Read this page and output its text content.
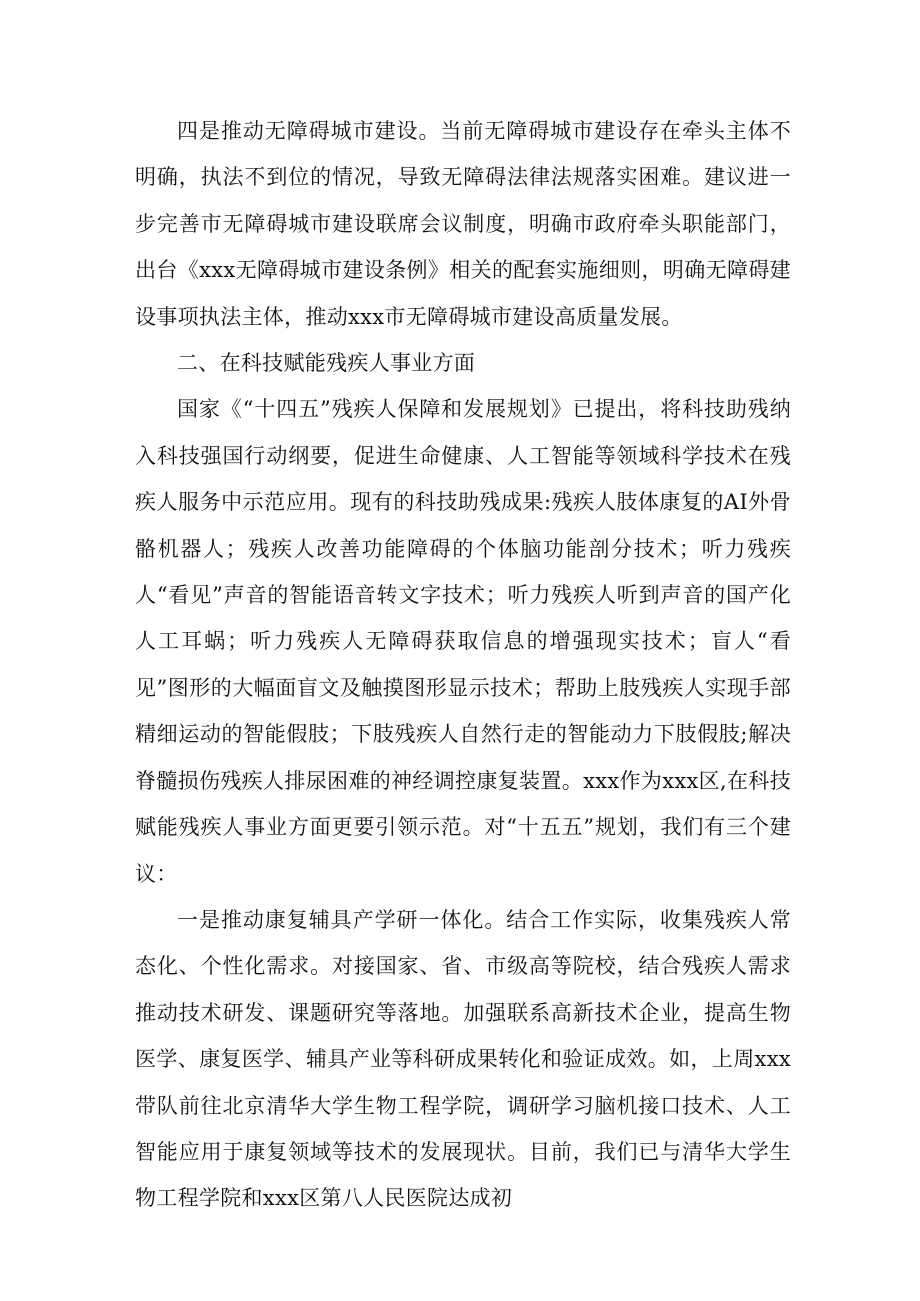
四是推动无障碍城市建设。当前无障碍城市建设存在牵头主体不明确，执法不到位的情况，导致无障碍法律法规落实困难。建议进一步完善市无障碍城市建设联席会议制度，明确市政府牵头职能部门，出台《xxx无障碍城市建设条例》相关的配套实施细则，明确无障碍建设事项执法主体，推动xxx市无障碍城市建设高质量发展。

二、在科技赋能残疾人事业方面

国家《“十四五”残疾人保障和发展规划》已提出，将科技助残纳入科技强国行动纲要，促进生命健康、人工智能等领域科学技术在残疾人服务中示范应用。现有的科技助残成果:残疾人肢体康复的AI外骨骼机器人；残疾人改善功能障碍的个体脑功能剖分技术；听力残疾人“看见”声音的智能语音转文字技术；听力残疾人听到声音的国产化人工耳蜗；听力残疾人无障碍获取信息的增强现实技术；盲人“看见”图形的大幅面盲文及触摸图形显示技术；帮助上肢残疾人实现手部精细运动的智能假肢；下肢残疾人自然行走的智能动力下肢假肢;解决脊髓损伤残疾人排尿困难的神经调控康复装置。xxx作为xxx区,在科技赋能残疾人事业方面更要引领示范。对“十五五”规划，我们有三个建议：

一是推动康复辅具产学研一体化。结合工作实际，收集残疾人常态化、个性化需求。对接国家、省、市级高等院校，结合残疾人需求推动技术研发、课题研究等落地。加强联系高新技术企业，提高生物医学、康复医学、辅具产业等科研成果转化和验证成效。如，上周xxx带队前往北京清华大学生物工程学院，调研学习脑机接口技术、人工智能应用于康复领域等技术的发展现状。目前，我们已与清华大学生物工程学院和xxx区第八人民医院达成初
